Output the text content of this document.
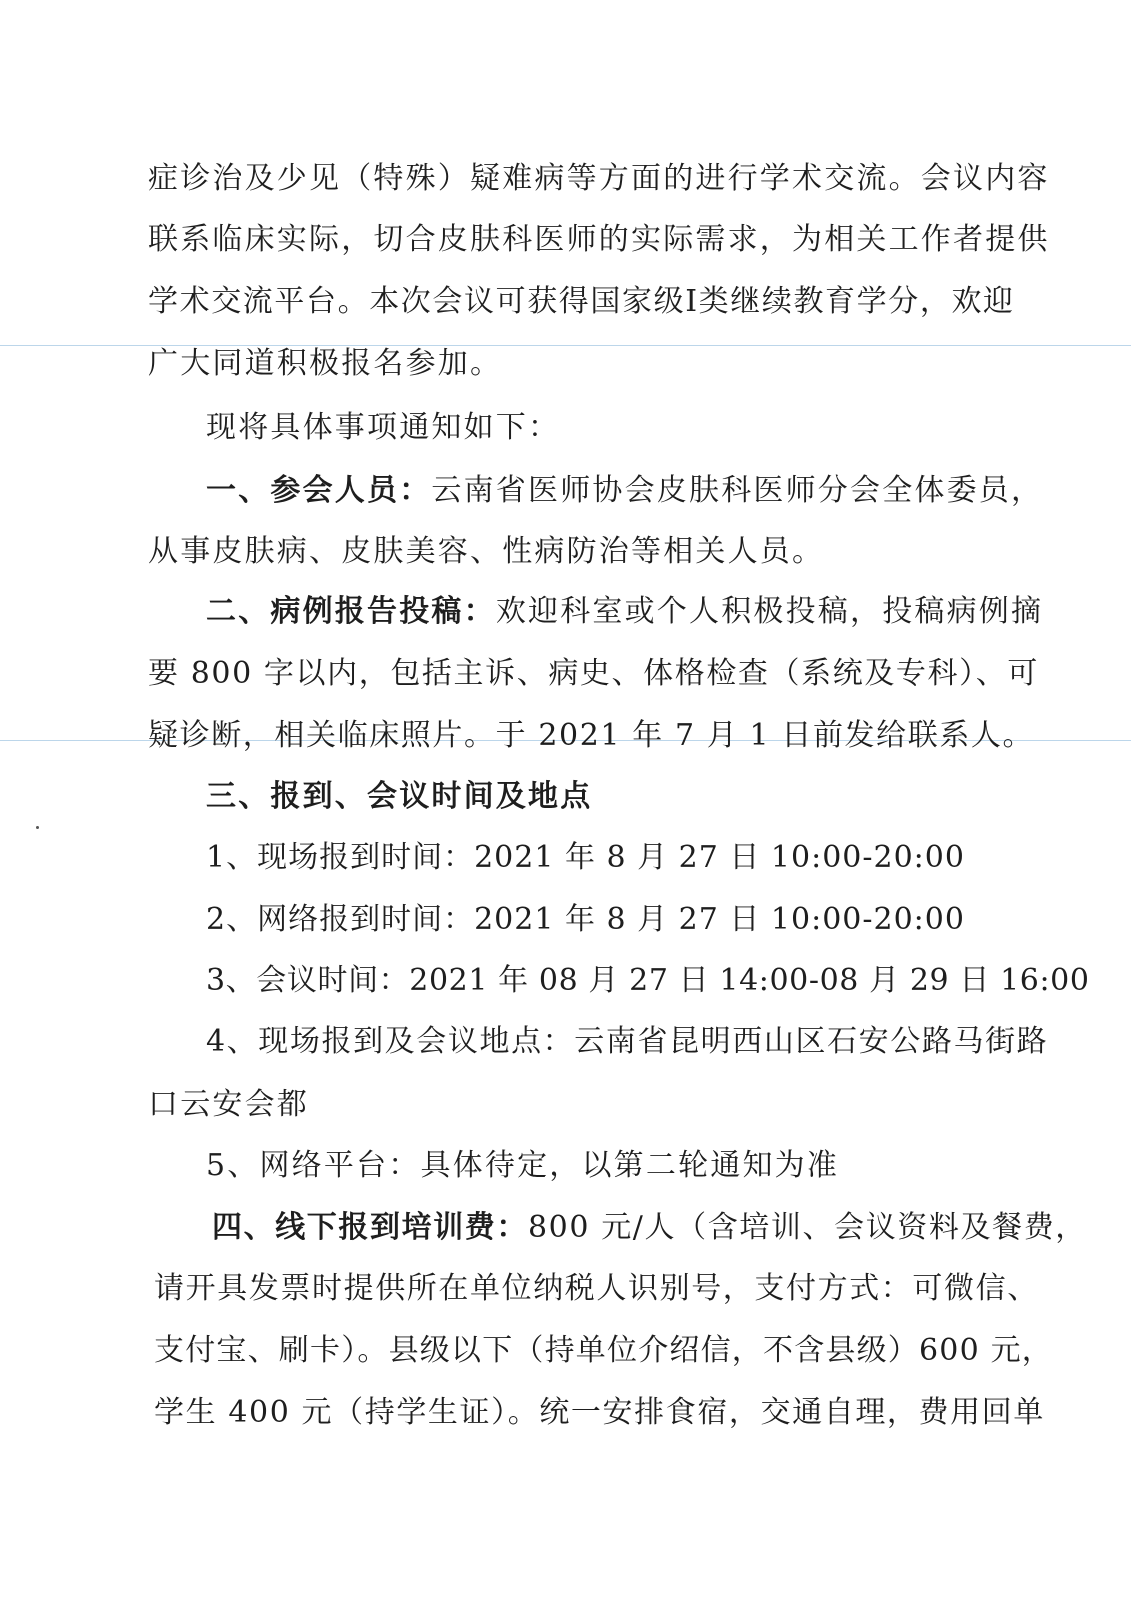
症诊治及少见（特殊）疑难病等方面的进行学术交流。会议内容

联系临床实际，切合皮肤科医师的实际需求，为相关工作者提供

学术交流平台。本次会议可获得国家级Ⅰ类继续教育学分，欢迎

广大同道积极报名参加。

现将具体事项通知如下：

一、参会人员：云南省医师协会皮肤科医师分会全体委员，

从事皮肤病、皮肤美容、性病防治等相关人员。

二、病例报告投稿：欢迎科室或个人积极投稿，投稿病例摘

要 800 字以内，包括主诉、病史、体格检查（系统及专科）、可

疑诊断，相关临床照片。于 2021 年 7 月 1 日前发给联系人。

三、报到、会议时间及地点

1、现场报到时间：2021 年 8 月 27 日 10:00-20:00

2、网络报到时间：2021 年 8 月 27 日 10:00-20:00

3、会议时间：2021 年 08 月 27 日 14:00-08 月 29 日 16:00

4、现场报到及会议地点：云南省昆明西山区石安公路马街路

口云安会都

5、网络平台：具体待定，以第二轮通知为准

四、线下报到培训费：800 元/人（含培训、会议资料及餐费，

请开具发票时提供所在单位纳税人识别号，支付方式：可微信、

支付宝、刷卡）。县级以下（持单位介绍信，不含县级）600 元，

学生 400 元（持学生证）。统一安排食宿，交通自理，费用回单
